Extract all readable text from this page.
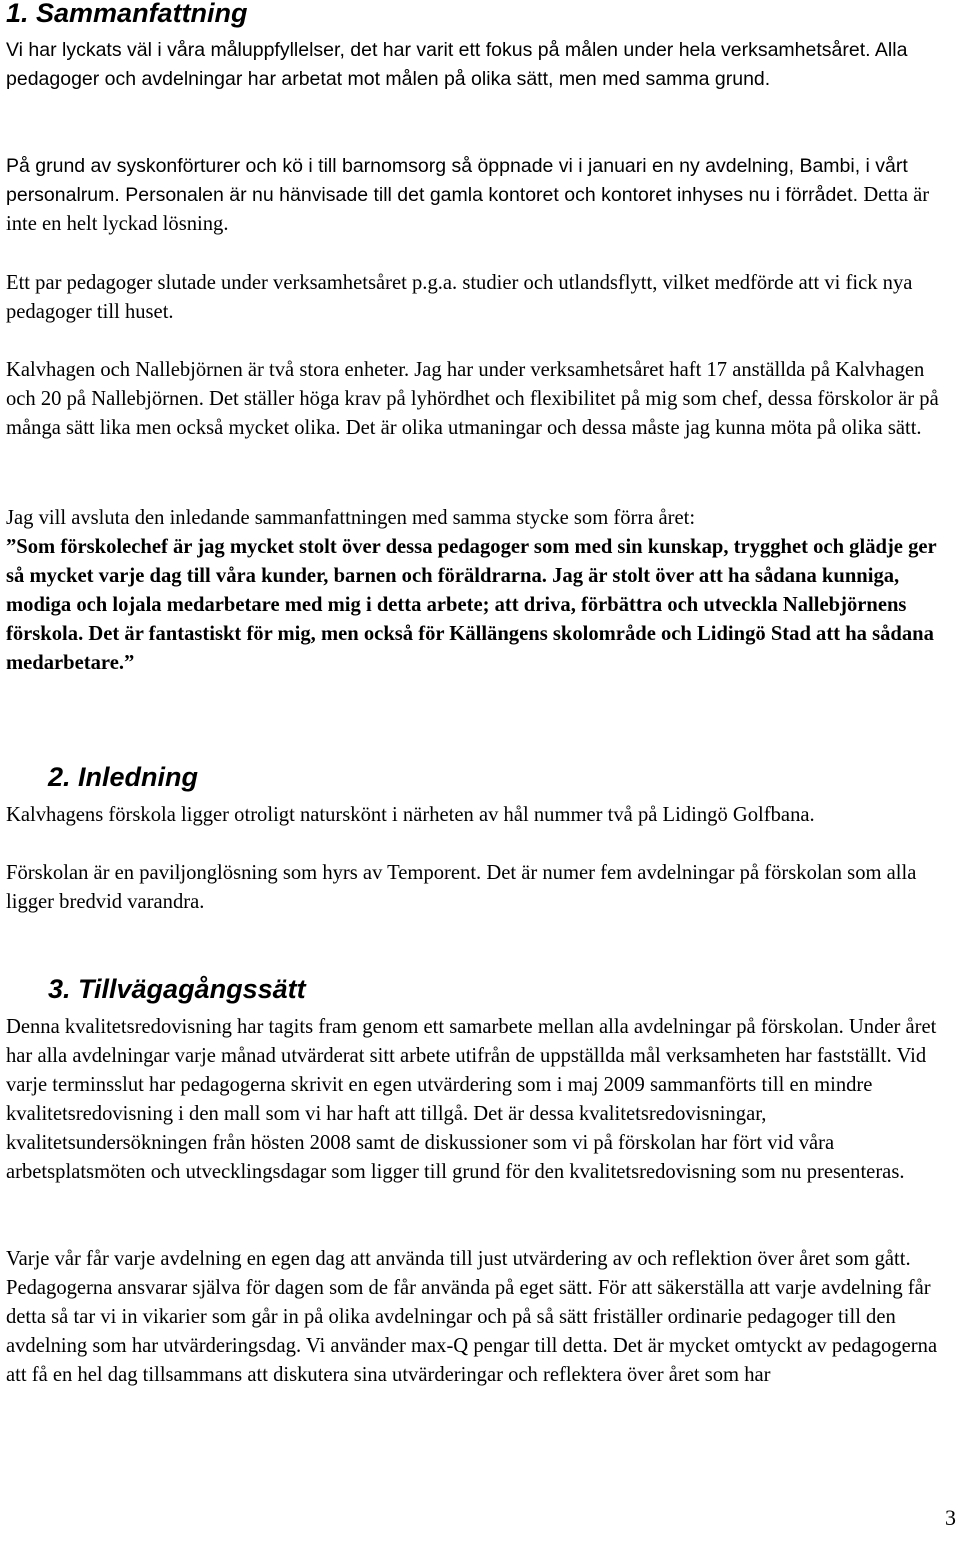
1. Sammanfattning

Vi har lyckats väl i våra måluppfyllelser, det har varit ett fokus på målen under hela verksamhetsåret. Alla pedagoger och avdelningar har arbetat mot målen på olika sätt, men med samma grund.

På grund av syskonförturer och kö i till barnomsorg så öppnade vi i januari en ny avdelning, Bambi, i vårt personalrum. Personalen är nu hänvisade till det gamla kontoret och kontoret inhyses nu i förrådet. Detta är inte en helt lyckad lösning.

Ett par pedagoger slutade under verksamhetsåret p.g.a. studier och utlandsflytt, vilket medförde att vi fick nya pedagoger till huset.

Kalvhagen och Nallebjörnen är två stora enheter. Jag har under verksamhetsåret haft 17 anställda på Kalvhagen och 20 på Nallebjörnen. Det ställer höga krav på lyhördhet och flexibilitet på mig som chef, dessa förskolor är på många sätt lika men också mycket olika. Det är olika utmaningar och dessa måste jag kunna möta på olika sätt.

Jag vill avsluta den inledande sammanfattningen med samma stycke som förra året:

”Som förskolechef är jag mycket stolt över dessa pedagoger som med sin kunskap, trygghet och glädje ger så mycket varje dag till våra kunder, barnen och föräldrarna. Jag är stolt över att ha sådana kunniga, modiga och lojala medarbetare med mig i detta arbete; att driva, förbättra och utveckla Nallebjörnens förskola. Det är fantastiskt för mig, men också för Källängens skolområde och Lidingö Stad att ha sådana medarbetare.”

2. Inledning

Kalvhagens förskola ligger otroligt naturskönt i närheten av hål nummer två på Lidingö Golfbana.

Förskolan är en paviljonglösning som hyrs av Temporent. Det är numer fem avdelningar på förskolan som alla ligger bredvid varandra.

3. Tillvägagångssätt

Denna kvalitetsredovisning har tagits fram genom ett samarbete mellan alla avdelningar på förskolan. Under året har alla avdelningar varje månad utvärderat sitt arbete utifrån de uppställda mål verksamheten har fastställt. Vid varje terminsslut har pedagogerna skrivit en egen utvärdering som i maj 2009 sammanförts till en mindre kvalitetsredovisning i den mall som vi har haft att tillgå. Det är dessa kvalitetsredovisningar, kvalitetsundersökningen från hösten 2008 samt de diskussioner som vi på förskolan har fört vid våra arbetsplatsmöten och utvecklingsdagar som ligger till grund för den kvalitetsredovisning som nu presenteras.

Varje vår får varje avdelning en egen dag att använda till just utvärdering av och reflektion över året som gått. Pedagogerna ansvarar själva för dagen som de får använda på eget sätt. För att säkerställa att varje avdelning får detta så tar vi in vikarier som går in på olika avdelningar och på så sätt friställer ordinarie pedagoger till den avdelning som har utvärderingsdag. Vi använder max-Q pengar till detta. Det är mycket omtyckt av pedagogerna att få en hel dag tillsammans att diskutera sina utvärderingar och reflektera över året som har

3
